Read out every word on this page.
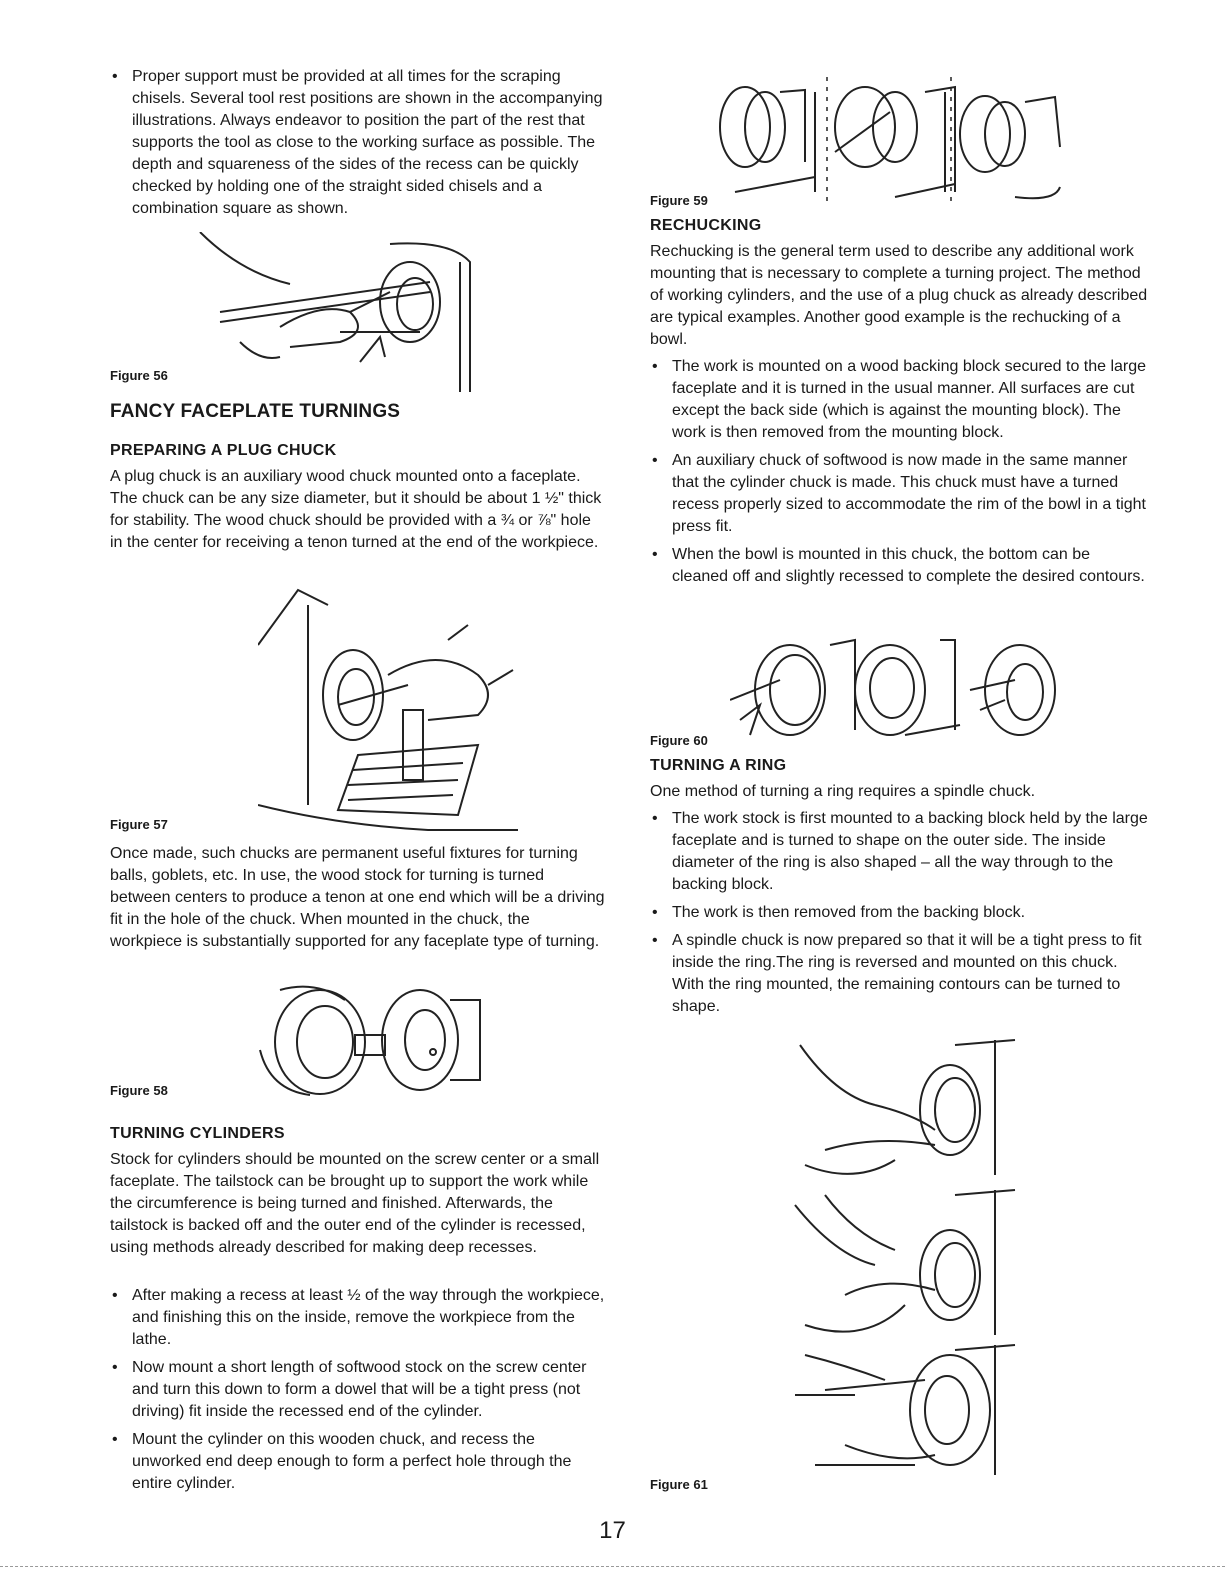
• Proper support must be provided at all times for the scraping chisels. Several tool rest positions are shown in the accompanying illustrations. Always endeavor to position the part of the rest that supports the tool as close to the working surface as possible. The depth and squareness of the sides of the recess can be quickly checked by holding one of the straight sided chisels and a combination square as shown.
Figure 56
FANCY FACEPLATE TURNINGS
PREPARING A PLUG CHUCK

A plug chuck is an auxiliary wood chuck mounted onto a faceplate. The chuck can be any size diameter, but it should be about 1 ½" thick for stability. The wood chuck should be provided with a ¾ or ⅞" hole in the center for receiving a tenon turned at the end of the workpiece.

Figure 57

Once made, such chucks are permanent useful fixtures for turning balls, goblets, etc. In use, the wood stock for turning is turned between centers to produce a tenon at one end which will be a driving fit in the hole of the chuck. When mounted in the chuck, the workpiece is substantially supported for any faceplate type of turning.

Figure 58
TURNING CYLINDERS

Stock for cylinders should be mounted on the screw center or a small faceplate. The tailstock can be brought up to support the work while the circumference is being turned and finished. Afterwards, the tailstock is backed off and the outer end of the cylinder is recessed, using methods already described for making deep recesses.

• After making a recess at least ½ of the way through the workpiece, and finishing this on the inside, remove the workpiece from the lathe.
• Now mount a short length of softwood stock on the screw center and turn this down to form a dowel that will be a tight press (not driving) fit inside the recessed end of the cylinder.
• Mount the cylinder on this wooden chuck, and recess the unworked end deep enough to form a perfect hole through the entire cylinder.
Figure 59
RECHUCKING

Rechucking is the general term used to describe any additional work mounting that is necessary to complete a turning project. The method of working cylinders, and the use of a plug chuck as already described are typical examples. Another good example is the rechucking of a bowl.

• The work is mounted on a wood backing block secured to the large faceplate and it is turned in the usual manner. All surfaces are cut except the back side (which is against the mounting block). The work is then removed from the mounting block.
• An auxiliary chuck of softwood is now made in the same manner that the cylinder chuck is made. This chuck must have a turned recess properly sized to accommodate the rim of the bowl in a tight press fit.
• When the bowl is mounted in this chuck, the bottom can be cleaned off and slightly recessed to complete the desired contours.
Figure 60
TURNING A RING

One method of turning a ring requires a spindle chuck.

• The work stock is first mounted to a backing block held by the large faceplate and is turned to shape on the outer side. The inside diameter of the ring is also shaped – all the way through to the backing block.
• The work is then removed from the backing block.
• A spindle chuck is now prepared so that it will be a tight press to fit inside the ring.The ring is reversed and mounted on this chuck. With the ring mounted, the remaining contours can be turned to shape.
Figure 61
17
